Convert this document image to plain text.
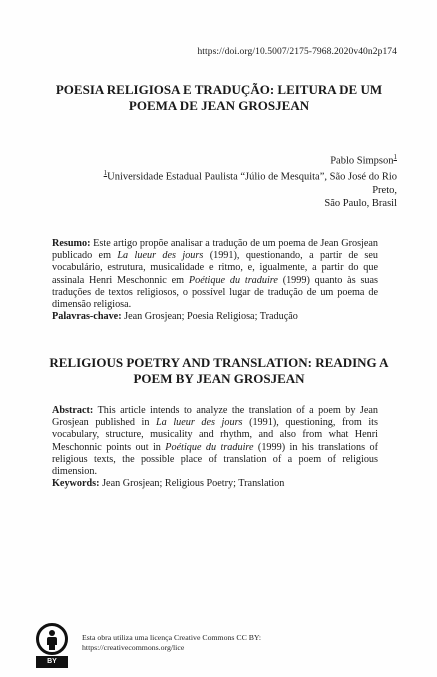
https://doi.org/10.5007/2175-7968.2020v40n2p174
POESIA RELIGIOSA E TRADUÇÃO: LEITURA DE UM
POEMA DE JEAN GROSJEAN
Pablo Simpson$^1$
$^1$Universidade Estadual Paulista “Júlio de Mesquita”, São José do Rio Preto,
São Paulo, Brasil
Resumo: Este artigo propõe analisar a tradução de um poema de Jean Grosjean publicado em La lueur des jours (1991), questionando, a partir de seu vocabulário, estrutura, musicalidade e ritmo, e, igualmente, a partir do que assinala Henri Meschonnic em Poétique du traduire (1999) quanto às suas traduções de textos religiosos, o possível lugar de tradução de um poema de dimensão religiosa.
Palavras-chave: Jean Grosjean; Poesia Religiosa; Tradução
RELIGIOUS POETRY AND TRANSLATION: READING A
POEM BY JEAN GROSJEAN
Abstract: This article intends to analyze the translation of a poem by Jean Grosjean published in La lueur des jours (1991), questioning, from its vocabulary, structure, musicality and rhythm, and also from what Henri Meschonnic points out in Poétique du traduire (1999) in his translations of religious texts, the possible place of translation of a poem of religious dimension.
Keywords: Jean Grosjean; Religious Poetry; Translation
BY
Esta obra utiliza uma licença Creative Commons CC BY:
https://creativecommons.org/lice
